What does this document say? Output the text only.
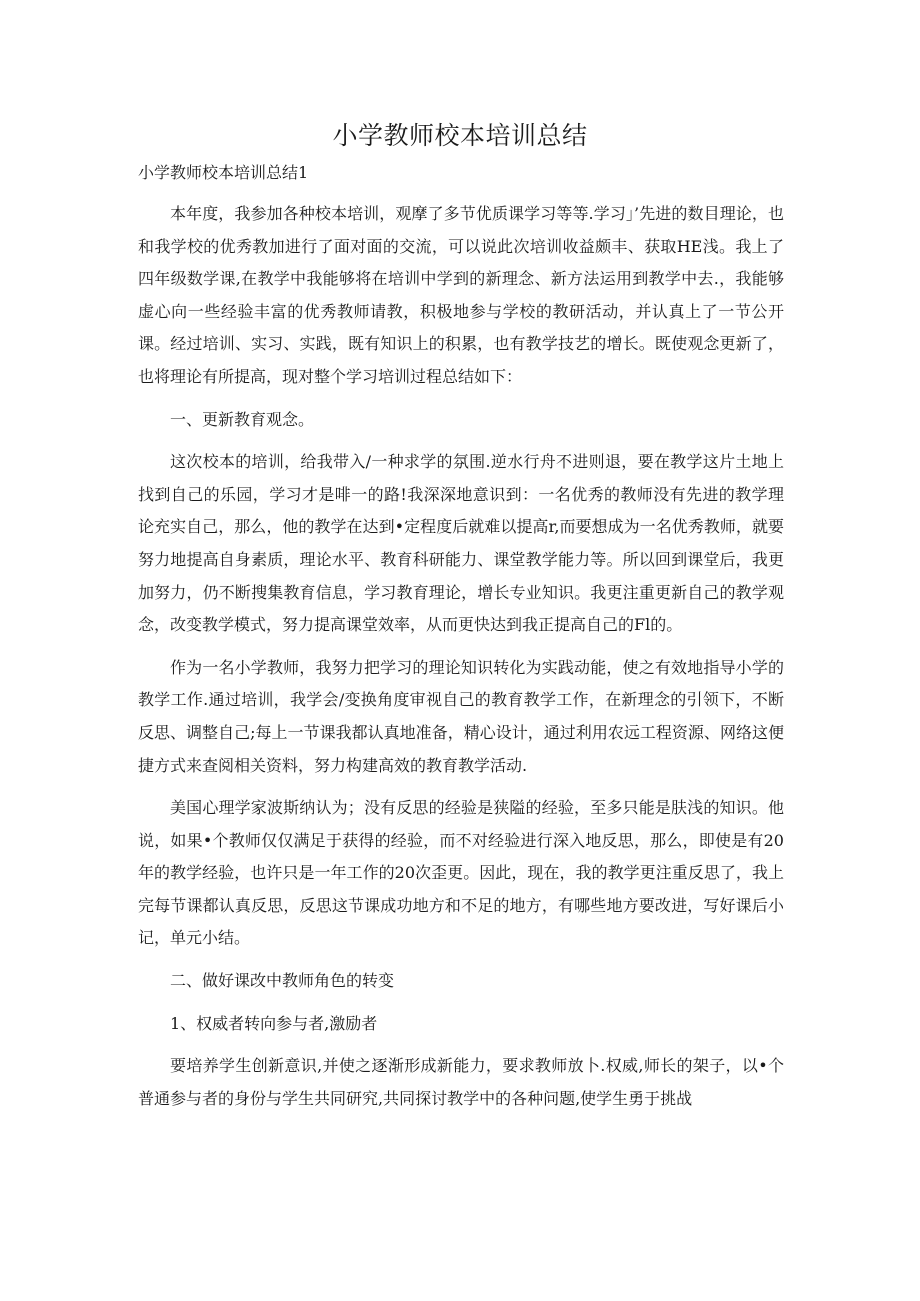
小学教师校本培训总结

小学教师校本培训总结1

本年度，我参加各种校本培训，观摩了多节优质课学习等等.学习」’先进的数目理论，也和我学校的优秀教加进行了面对面的交流，可以说此次培训收益颇丰、获取HE浅。我上了四年级数学课,在教学中我能够将在培训中学到的新理念、新方法运用到教学中去.，我能够虚心向一些经验丰富的优秀教师请教，积极地参与学校的教研活动，并认真上了一节公开课。经过培训、实习、实践，既有知识上的积累，也有教学技艺的增长。既使观念更新了，也将理论有所提高，现对整个学习培训过程总结如下：

一、更新教育观念。

这次校本的培训，给我带入/一种求学的氛围.逆水行舟不进则退，要在教学这片土地上找到自己的乐园，学习才是啡一的路!我深深地意识到：一名优秀的教师没有先进的教学理论充实自己，那么，他的教学在达到•定程度后就难以提高r,而要想成为一名优秀教师，就要努力地提高自身素质，理论水平、教育科研能力、课堂教学能力等。所以回到课堂后，我更加努力，仍不断搜集教育信息，学习教育理论，增长专业知识。我更注重更新自己的教学观念，改变教学模式，努力提高课堂效率，从而更快达到我正提高自己的Fl的。

作为一名小学教师，我努力把学习的理论知识转化为实践动能，使之有效地指导小学的教学工作.通过培训，我学会/变换角度审视自己的教育教学工作，在新理念的引领下，不断反思、调整自己;每上一节课我都认真地准备，精心设计，通过利用农远工程资源、网络这便捷方式来查阅相关资料，努力构建高效的教育教学活动.

美国心理学家波斯纳认为；没有反思的经验是狭隘的经验，至多只能是肤浅的知识。他说，如果•个教师仅仅满足于获得的经验，而不对经验进行深入地反思，那么，即使是有20年的教学经验，也许只是一年工作的20次歪更。因此，现在，我的教学更注重反思了，我上完每节课都认真反思，反思这节课成功地方和不足的地方，有哪些地方要改进，写好课后小记，单元小结。

二、做好课改中教师角色的转变

1、权威者转向参与者,激励者

要培养学生创新意识,并使之逐渐形成新能力，要求教师放卜.权威,师长的架子，以•个普通参与者的身份与学生共同研究,共同探讨教学中的各种问题,使学生勇于挑战
